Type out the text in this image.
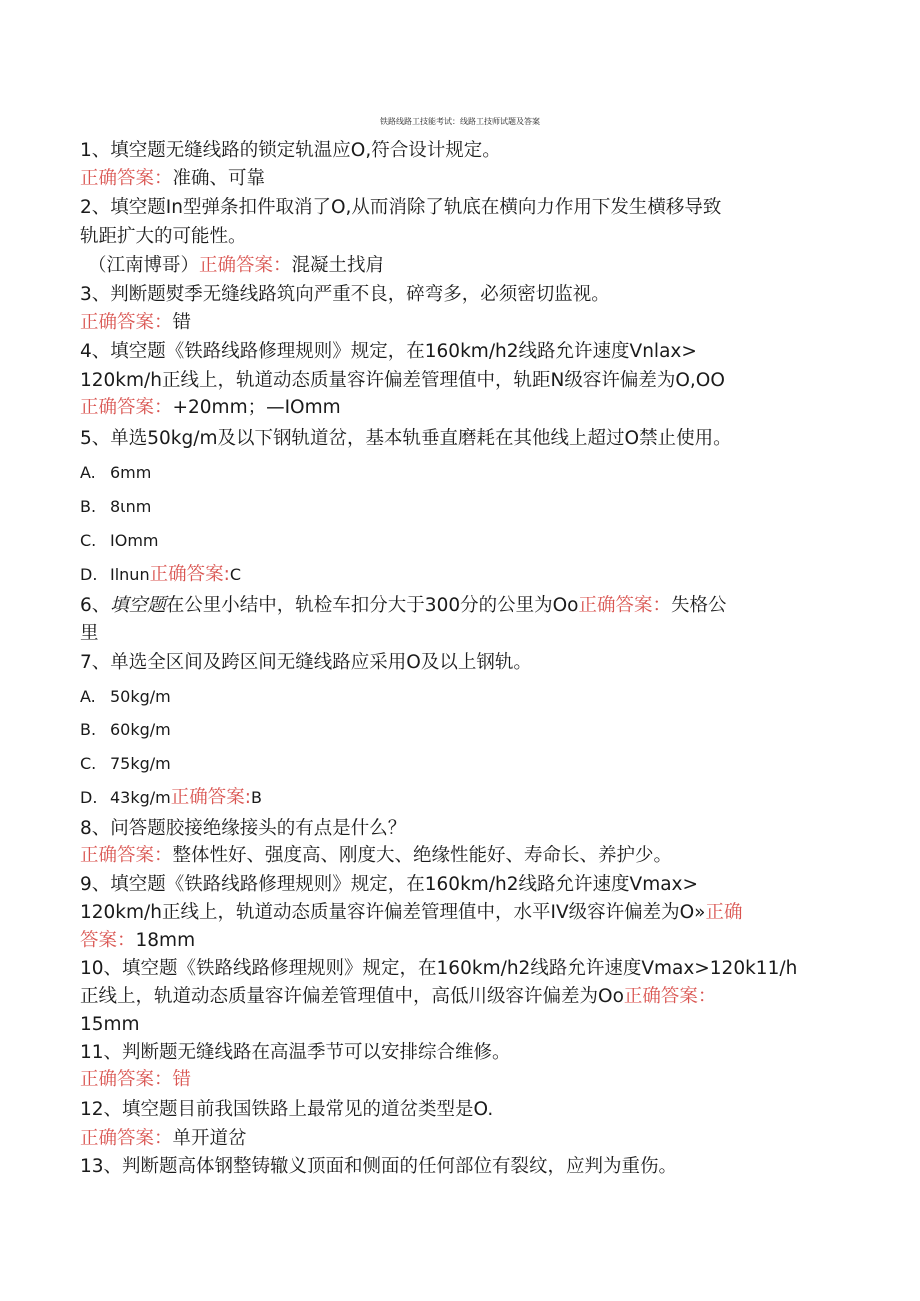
铁路线路工技能考试：线路工技师试题及答案
1、填空题无缝线路的锁定轨温应O,符合设计规定。
正确答案：准确、可靠
2、填空题In型弹条扣件取消了O,从而消除了轨底在横向力作用下发生横移导致
轨距扩大的可能性。
（江南博哥）正确答案：混凝土找肩
3、判断题熨季无缝线路筑向严重不良，碎弯多，必须密切监视。
正确答案：错
4、填空题《铁路线路修理规则》规定，在160km/h2线路允许速度Vnlax>
120km/h正线上，轨道动态质量容许偏差管理值中，轨距N级容许偏差为O,OO
正确答案：+20mm；—IOmm
5、单选50kg/m及以下钢轨道岔，基本轨垂直磨耗在其他线上超过O禁止使用。
A. 6mm
B. 8ιnm
C. IOmm
D. Ilnun正确答案:C
6、填空题在公里小结中，轨检车扣分大于300分的公里为Oo正确答案：失格公
里
7、单选全区间及跨区间无缝线路应采用O及以上钢轨。
A. 50kg/m
B. 60kg/m
C. 75kg/m
D. 43kg/m正确答案:B
8、问答题胶接绝缘接头的有点是什么？
正确答案：整体性好、强度高、刚度大、绝缘性能好、寿命长、养护少。
9、填空题《铁路线路修理规则》规定，在160km/h2线路允许速度Vmax>
120km/h正线上，轨道动态质量容许偏差管理值中，水平IV级容许偏差为O»正确
答案：18mm
10、填空题《铁路线路修理规则》规定，在160km/h2线路允许速度Vmax>120k11/h
正线上，轨道动态质量容许偏差管理值中，高低川级容许偏差为Oo正确答案：
15mm
11、判断题无缝线路在高温季节可以安排综合维修。
正确答案：错
12、填空题目前我国铁路上最常见的道岔类型是O.
正确答案：单开道岔
13、判断题高体钢整铸辙义顶面和侧面的任何部位有裂纹，应判为重伤。
